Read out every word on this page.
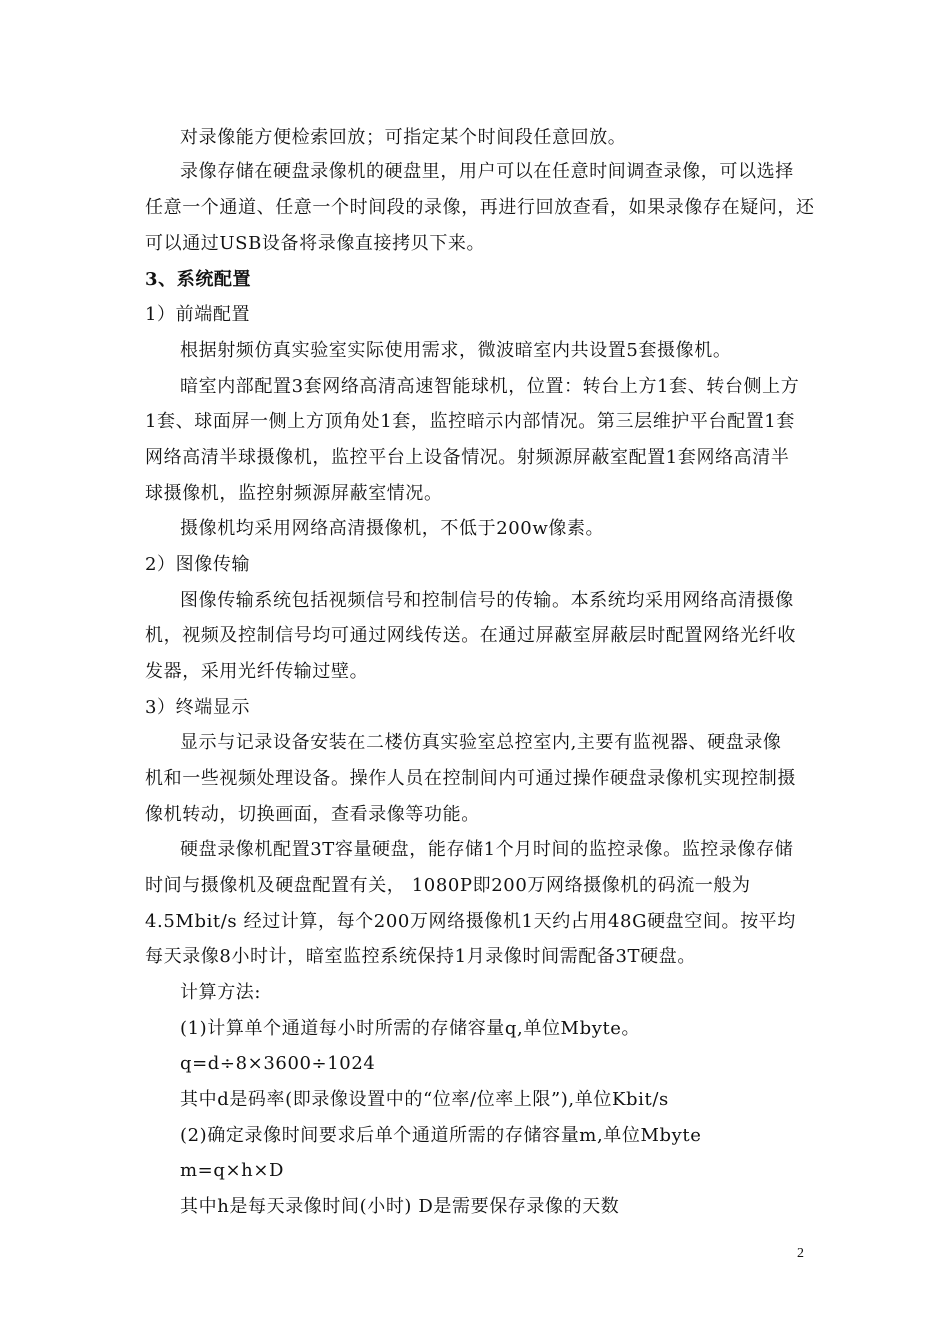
对录像能方便检索回放；可指定某个时间段任意回放。
录像存储在硬盘录像机的硬盘里，用户可以在任意时间调查录像，可以选择
任意一个通道、任意一个时间段的录像，再进行回放查看，如果录像存在疑问，还
可以通过USB设备将录像直接拷贝下来。
3、系统配置
1）前端配置
根据射频仿真实验室实际使用需求，微波暗室内共设置5套摄像机。
暗室内部配置3套网络高清高速智能球机，位置：转台上方1套、转台侧上方
1套、球面屏一侧上方顶角处1套，监控暗示内部情况。第三层维护平台配置1套
网络高清半球摄像机，监控平台上设备情况。射频源屏蔽室配置1套网络高清半
球摄像机，监控射频源屏蔽室情况。
摄像机均采用网络高清摄像机，不低于200w像素。
2）图像传输
图像传输系统包括视频信号和控制信号的传输。本系统均采用网络高清摄像
机，视频及控制信号均可通过网线传送。在通过屏蔽室屏蔽层时配置网络光纤收
发器，采用光纤传输过壁。
3）终端显示
显示与记录设备安装在二楼仿真实验室总控室内,主要有监视器、硬盘录像
机和一些视频处理设备。操作人员在控制间内可通过操作硬盘录像机实现控制摄
像机转动，切换画面，查看录像等功能。
硬盘录像机配置3T容量硬盘，能存储1个月时间的监控录像。监控录像存储
时间与摄像机及硬盘配置有关， 1080P即200万网络摄像机的码流一般为
4.5Mbit/s 经过计算，每个200万网络摄像机1天约占用48G硬盘空间。按平均
每天录像8小时计，暗室监控系统保持1月录像时间需配备3T硬盘。
计算方法:
(1)计算单个通道每小时所需的存储容量q,单位Mbyte。
q=d÷8×3600÷1024
其中d是码率(即录像设置中的“位率/位率上限”),单位Kbit/s
(2)确定录像时间要求后单个通道所需的存储容量m,单位Mbyte
m=q×h×D
其中h是每天录像时间(小时) D是需要保存录像的天数
2
